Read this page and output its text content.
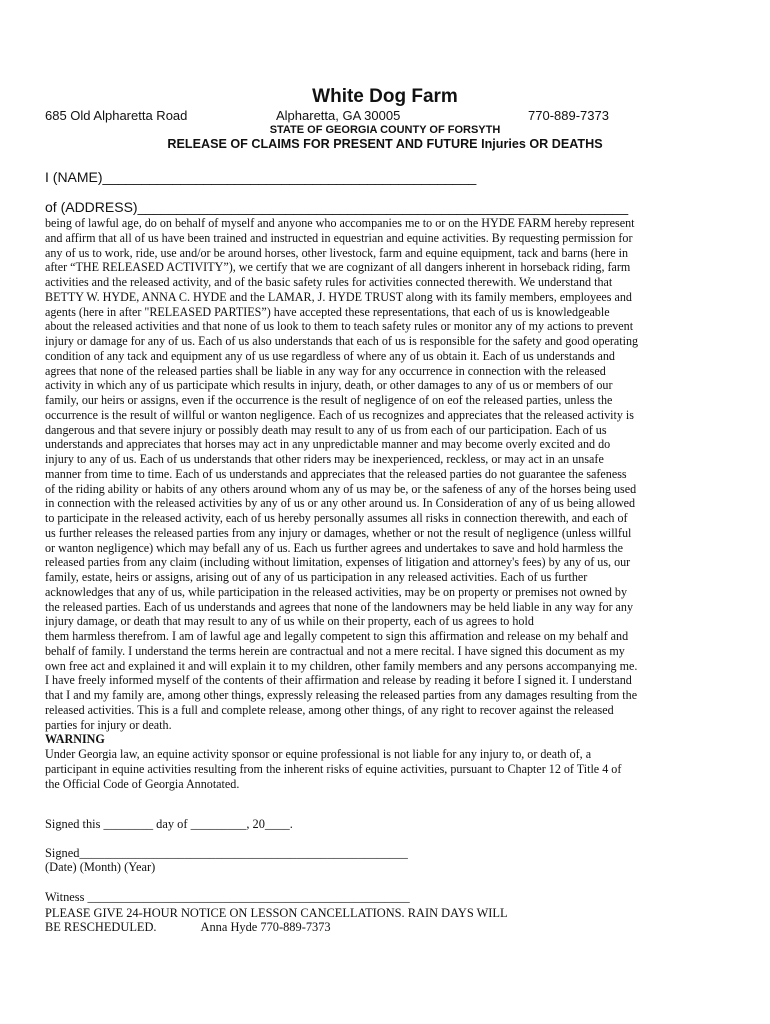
White Dog Farm
685 Old Alpharetta Road	Alpharetta, GA 30005	770-889-7373
STATE OF GEORGIA COUNTY OF FORSYTH
RELEASE OF CLAIMS FOR PRESENT AND FUTURE Injuries OR DEATHS
I (NAME)________________________________________________
of (ADDRESS)_______________________________________________________________
being of lawful age, do on behalf of myself and anyone who accompanies me to or on the HYDE FARM hereby represent
and affirm that all of us have been trained and instructed in equestrian and equine activities. By requesting permission for
any of us to work, ride, use and/or be around horses, other livestock, farm and equine equipment, tack and barns (here in
after “THE RELEASED ACTIVITY”), we certify that we are cognizant of all dangers inherent in horseback riding, farm
activities and the released activity, and of the basic safety rules for activities connected therewith. We understand that
BETTY W. HYDE, ANNA C. HYDE and the LAMAR, J. HYDE TRUST along with its family members, employees and
agents (here in after "RELEASED PARTIES”) have accepted these representations, that each of us is knowledgeable
about the released activities and that none of us look to them to teach safety rules or monitor any of my actions to prevent
injury or damage for any of us. Each of us also understands that each of us is responsible for the safety and good operating
condition of any tack and equipment any of us use regardless of where any of us obtain it. Each of us understands and
agrees that none of the released parties shall be liable in any way for any occurrence in connection with the released
activity in which any of us participate which results in injury, death, or other damages to any of us or members of our
family, our heirs or assigns, even if the occurrence is the result of negligence of on eof the released parties, unless the
occurrence is the result of willful or wanton negligence. Each of us recognizes and appreciates that the released activity is
dangerous and that severe injury or possibly death may result to any of us from each of our participation. Each of us
understands and appreciates that horses may act in any unpredictable manner and may become overly excited and do
injury to any of us. Each of us understands that other riders may be inexperienced, reckless, or may act in an unsafe
manner from time to time. Each of us understands and appreciates that the released parties do not guarantee the safeness
of the riding ability or habits of any others around whom any of us may be, or the safeness of any of the horses being used
in connection with the released activities by any of us or any other around us. In Consideration of any of us being allowed
to participate in the released activity, each of us hereby personally assumes all risks in connection therewith, and each of
us further releases the released parties from any injury or damages, whether or not the result of negligence (unless willful
or wanton negligence) which may befall any of us. Each us further agrees and undertakes to save and hold harmless the
released parties from any claim (including without limitation, expenses of litigation and attorney's fees) by any of us, our
family, estate, heirs or assigns, arising out of any of us participation in any released activities. Each of us further
acknowledges that any of us, while participation in the released activities, may be on property or premises not owned by
the released parties. Each of us understands and agrees that none of the landowners may be held liable in any way for any
injury damage, or death that may result to any of us while on their property, each of us agrees to hold
them harmless therefrom. I am of lawful age and legally competent to sign this affirmation and release on my behalf and
behalf of family. I understand the terms herein are contractual and not a mere recital. I have signed this document as my
own free act and explained it and will explain it to my children, other family members and any persons accompanying me.
I have freely informed myself of the contents of their affirmation and release by reading it before I signed it. I understand
that I and my family are, among other things, expressly releasing the released parties from any damages resulting from the
released activities. This is a full and complete release, among other things, of any right to recover against the released
parties for injury or death.
WARNING
Under Georgia law, an equine activity sponsor or equine professional is not liable for any injury to, or death of, a
participant in equine activities resulting from the inherent risks of equine activities, pursuant to Chapter 12 of Title 4 of
the Official Code of Georgia Annotated.
Signed this ________ day of _________, 20____.
Signed_____________________________________________________
(Date) (Month) (Year)
Witness ____________________________________________________
PLEASE GIVE 24-HOUR NOTICE ON LESSON CANCELLATIONS. RAIN DAYS WILL
BE RESCHEDULED.	Anna Hyde 770-889-7373
